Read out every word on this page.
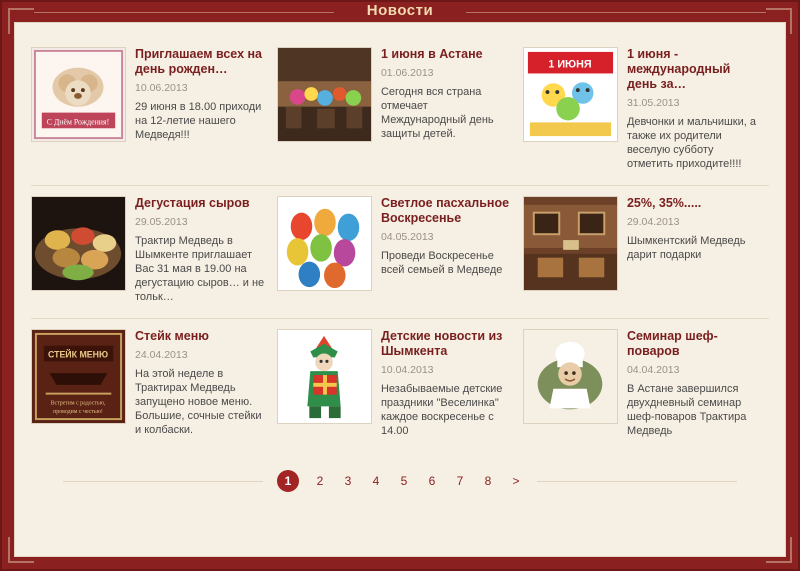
Новости
С Днём Рождения!
Приглашаем всех на день рожден…
10.06.2013
29 июня в 18.00 приходи на 12-летие нашего Медведя!!!
1 июня в Астане
01.06.2013
Сегодня вся страна отмечает Международный день защиты детей.
1 ИЮНЯ
1 июня - международный день за…
31.05.2013
Девчонки и мальчишки, а также их родители веселую субботу отметить приходите!!!!
Дегустация сыров
29.05.2013
Трактир Медведь в Шымкенте приглашает Вас 31 мая в 19.00 на дегустацию сыров… и не тольк…
Светлое пасхальное Воскресенье
04.05.2013
Проведи Воскресенье всей семьей в Медведе
25%, 35%.....
29.04.2013
Шымкентский Медведь дарит подарки
СТЕЙК МЕНЮ
Встретим с радостью,
проводим с честью!
Стейк меню
24.04.2013
На этой неделе в Трактирах Медведь запущено новое меню. Большие, сочные стейки и колбаски.
Детские новости из Шымкента
10.04.2013
Незабываемые детские праздники "Веселинка" каждое воскресенье с 14.00
Семинар шеф-поваров
04.04.2013
В Астане завершился двухдневный семинар шеф-поваров Трактира Медведь
1	2	3	4	5	6	7	8	>
